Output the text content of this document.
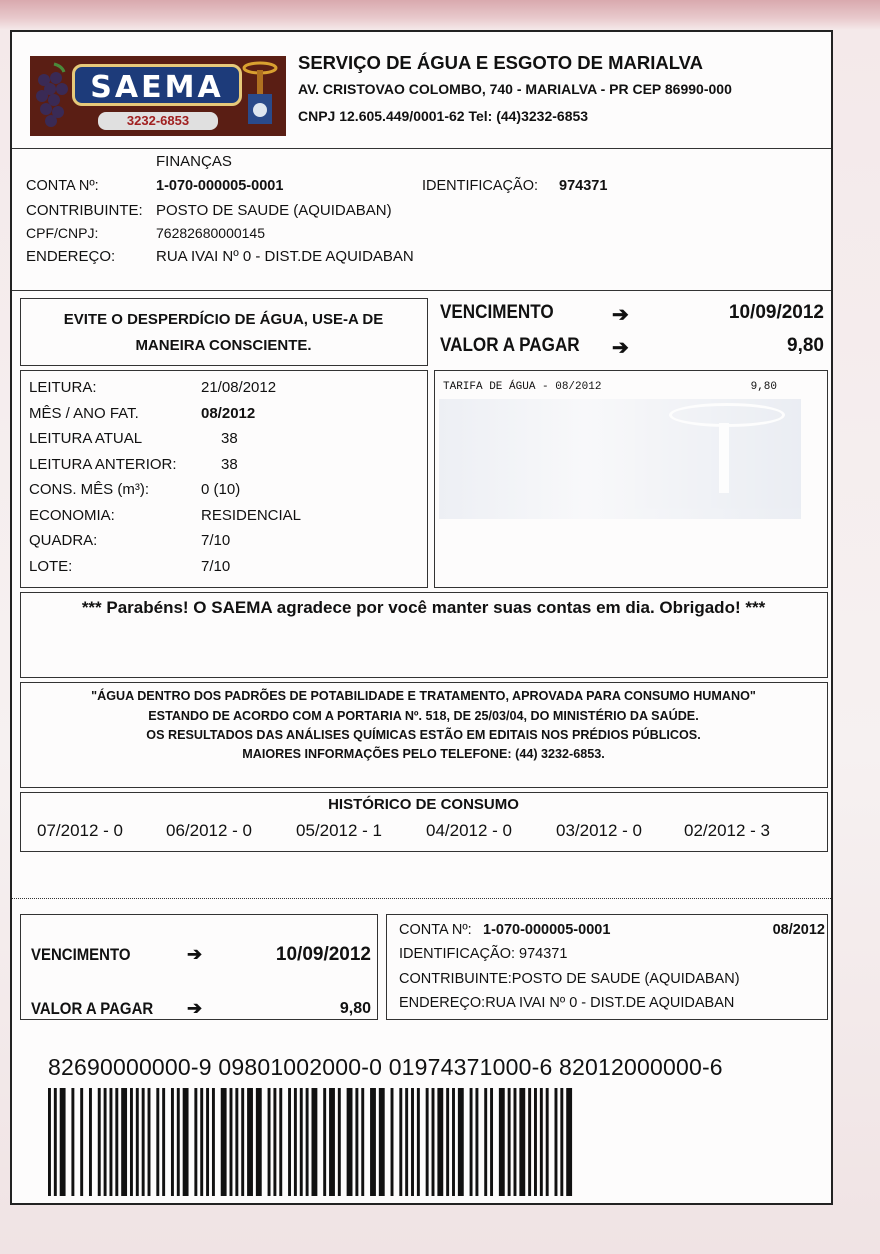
SAEMA
3232-6853
SERVIÇO DE ÁGUA E ESGOTO DE MARIALVA
AV. CRISTOVAO COLOMBO, 740 - MARIALVA - PR CEP 86990-000
CNPJ 12.605.449/0001-62 Tel: (44)3232-6853
FINANÇAS
CONTA Nº:	1-070-000005-0001	IDENTIFICAÇÃO: 974371
CONTRIBUINTE: POSTO DE SAUDE (AQUIDABAN)
CPF/CNPJ:	76282680000145
ENDEREÇO:	RUA IVAI Nº 0 - DIST.DE AQUIDABAN
EVITE O DESPERDÍCIO DE ÁGUA, USE-A DE
MANEIRA CONSCIENTE.
VENCIMENTO	➔	10/09/2012
VALOR A PAGAR ➔	9,80
LEITURA:	21/08/2012
MÊS / ANO FAT.	08/2012
LEITURA ATUAL	38
LEITURA ANTERIOR:	38
CONS. MÊS (m³):	0 (10)
ECONOMIA:	RESIDENCIAL
QUADRA:	7/10
LOTE:	7/10
TARIFA DE ÁGUA - 08/2012	9,80
*** Parabéns! O SAEMA agradece por você manter suas contas em dia. Obrigado! ***
"ÁGUA DENTRO DOS PADRÕES DE POTABILIDADE E TRATAMENTO, APROVADA PARA CONSUMO HUMANO"
ESTANDO DE ACORDO COM A PORTARIA Nº. 518, DE 25/03/04, DO MINISTÉRIO DA SAÚDE.
OS RESULTADOS DAS ANÁLISES QUÍMICAS ESTÃO EM EDITAIS NOS PRÉDIOS PÚBLICOS.
MAIORES INFORMAÇÕES PELO TELEFONE: (44) 3232-6853.
HISTÓRICO DE CONSUMO
07/2012 - 0	06/2012 - 0	05/2012 - 1	04/2012 - 0	03/2012 - 0 02/2012 - 3
VENCIMENTO	➔	10/09/2012
VALOR A PAGAR ➔	9,80
CONTA Nº: 1-070-000005-0001	08/2012
IDENTIFICAÇÃO: 974371
CONTRIBUINTE:POSTO DE SAUDE (AQUIDABAN)
ENDEREÇO:RUA IVAI Nº 0 - DIST.DE AQUIDABAN
82690000000-9 09801002000-0 01974371000-6 82012000000-6
